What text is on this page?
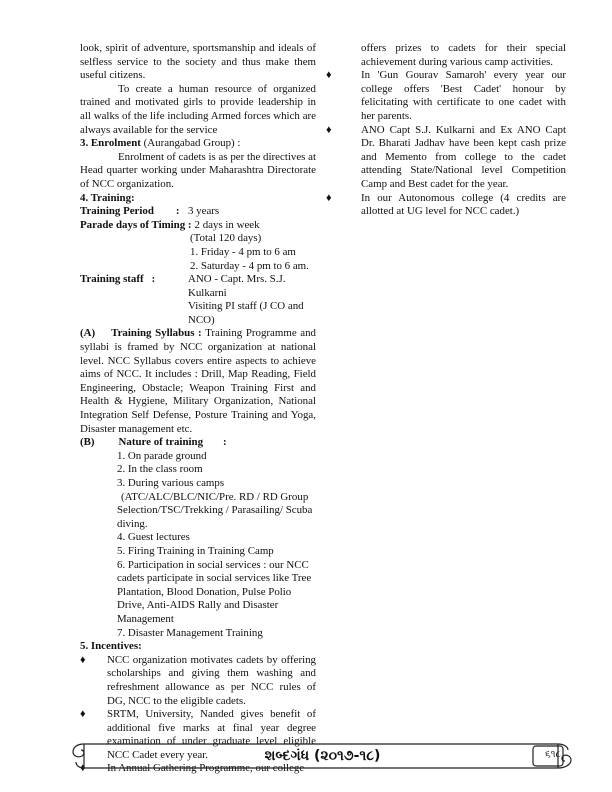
look, spirit of adventure, sportsmanship and ideals of selfless service to the society and thus make them useful citizens.

To create a human resource of organized trained and motivated girls to provide leadership in all walks of the life including Armed forces which are always available for the service

3. Enrolment (Aurangabad Group) :

Enrolment of cadets is as per the directives at Head quarter working under Maharashtra Directorate of NCC organization.

4. Training:

Training Period : 3 years
Parade days of Timing : 2 days in week
(Total 120 days)
1. Friday - 4 pm to 6 am
2. Saturday - 4 pm to 6 am.
Training staff :	ANO - Capt. Mrs. S.J. Kulkarni
Visiting PI staff (J CO and NCO)

(A) Training Syllabus : Training Programme and syllabi is framed by NCC organization at national level. NCC Syllabus covers entire aspects to achieve aims of NCC. It includes : Drill, Map Reading, Field Engineering, Obstacle; Weapon Training First and Health & Hygiene, Military Organization, National Integration Self Defense, Posture Training and Yoga, Disaster management etc.

(B) Nature of training :

1. On parade ground
2. In the class room
3. During various camps
(ATC/ALC/BLC/NIC/Pre. RD / RD Group Selection/TSC/Trekking / Parasailing/ Scuba diving.
4. Guest lectures
5. Firing Training in Training Camp
6. Participation in social services : our NCC cadets participate in social services like Tree Plantation, Blood Donation, Pulse Polio Drive, Anti-AIDS Rally and Disaster Management
7. Disaster Management Training

5. Incentives:

♦	NCC organization motivates cadets by offering scholarships and giving them washing and refreshment allowance as per NCC rules of DG, NCC to the eligible cadets.
♦	SRTM, University, Nanded gives benefit of additional five marks at final year degree examination of under graduate level eligible NCC Cadet every year.
♦	In Annual Gathering Programme, our college

offers prizes to cadets for their special achievement during various camp activities.

♦	In 'Gun Gourav Samaroh' every year our college offers 'Best Cadet' honour by felicitating with certificate to one cadet with her parents.
♦	ANO Capt S.J. Kulkarni and Ex ANO Capt Dr. Bharati Jadhav have been kept cash prize and Memento from college to the cadet attending State/National level Competition Camp and Best cadet for the year.
♦	In our Autonomous college (4 credits are allotted at UG level for NCC cadet.)
શબ્દગંધ (૨૦૧૭-૧૮)	૬૧૮
